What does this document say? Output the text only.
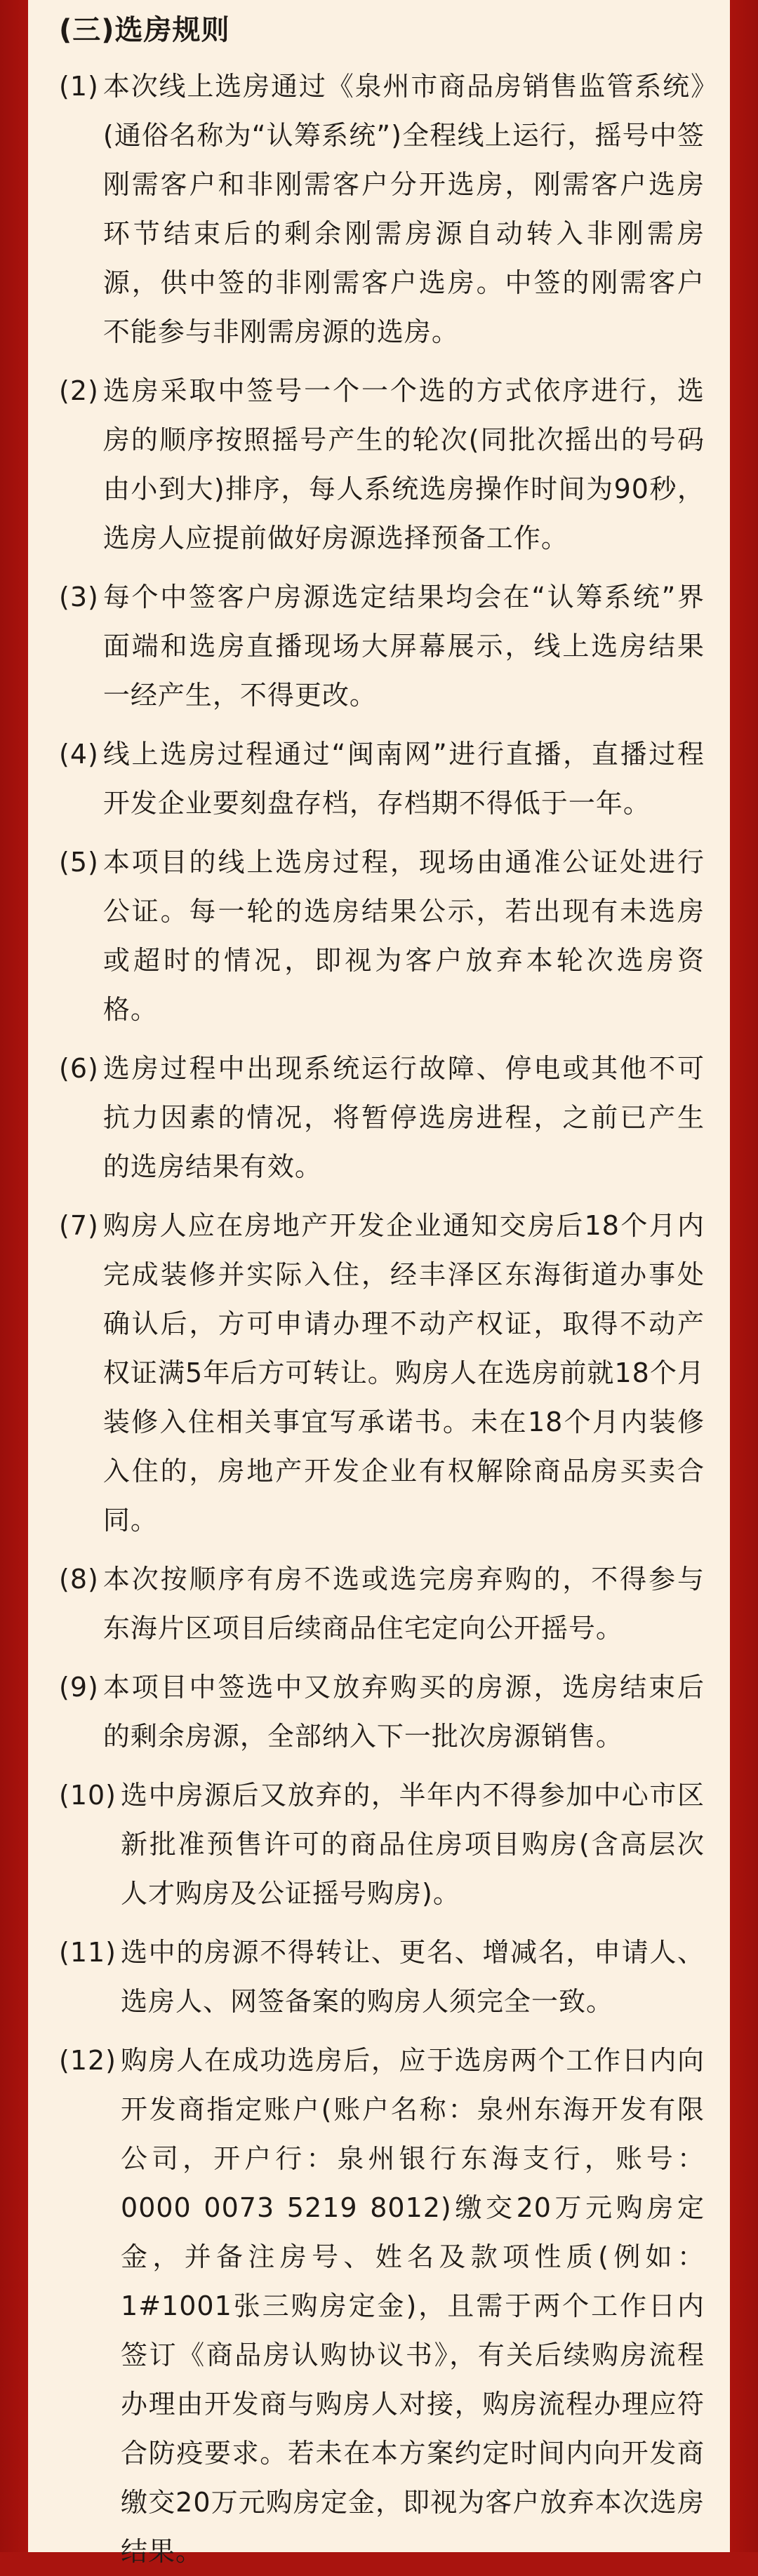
(三)选房规则
(1) 本次线上选房通过《泉州市商品房销售监管系统》(通俗名称为“认筹系统”)全程线上运行，摇号中签刚需客户和非刚需客户分开选房，刚需客户选房环节结束后的剩余刚需房源自动转入非刚需房源，供中签的非刚需客户选房。中签的刚需客户不能参与非刚需房源的选房。
(2) 选房采取中签号一个一个选的方式依序进行，选房的顺序按照摇号产生的轮次(同批次摇出的号码由小到大)排序，每人系统选房操作时间为90秒，选房人应提前做好房源选择预备工作。
(3) 每个中签客户房源选定结果均会在“认筹系统”界面端和选房直播现场大屏幕展示，线上选房结果一经产生，不得更改。
(4) 线上选房过程通过“闽南网”进行直播，直播过程开发企业要刻盘存档，存档期不得低于一年。
(5) 本项目的线上选房过程，现场由通准公证处进行公证。每一轮的选房结果公示，若出现有未选房或超时的情况，即视为客户放弃本轮次选房资格。
(6) 选房过程中出现系统运行故障、停电或其他不可抗力因素的情况，将暂停选房进程，之前已产生的选房结果有效。
(7) 购房人应在房地产开发企业通知交房后18个月内完成装修并实际入住，经丰泽区东海街道办事处确认后，方可申请办理不动产权证，取得不动产权证满5年后方可转让。购房人在选房前就18个月装修入住相关事宜写承诺书。未在18个月内装修入住的，房地产开发企业有权解除商品房买卖合同。
(8) 本次按顺序有房不选或选完房弃购的，不得参与东海片区项目后续商品住宅定向公开摇号。
(9) 本项目中签选中又放弃购买的房源，选房结束后的剩余房源，全部纳入下一批次房源销售。
(10) 选中房源后又放弃的，半年内不得参加中心市区新批准预售许可的商品住房项目购房(含高层次人才购房及公证摇号购房)。
(11) 选中的房源不得转让、更名、增减名，申请人、选房人、网签备案的购房人须完全一致。
(12) 购房人在成功选房后，应于选房两个工作日内向开发商指定账户(账户名称：泉州东海开发有限公司，开户行：泉州银行东海支行，账号：0000 0073 5219 8012)缴交20万元购房定金，并备注房号、姓名及款项性质(例如：1#1001张三购房定金)，且需于两个工作日内签订《商品房认购协议书》，有关后续购房流程办理由开发商与购房人对接，购房流程办理应符合防疫要求。若未在本方案约定时间内向开发商缴交20万元购房定金，即视为客户放弃本次选房结果。
